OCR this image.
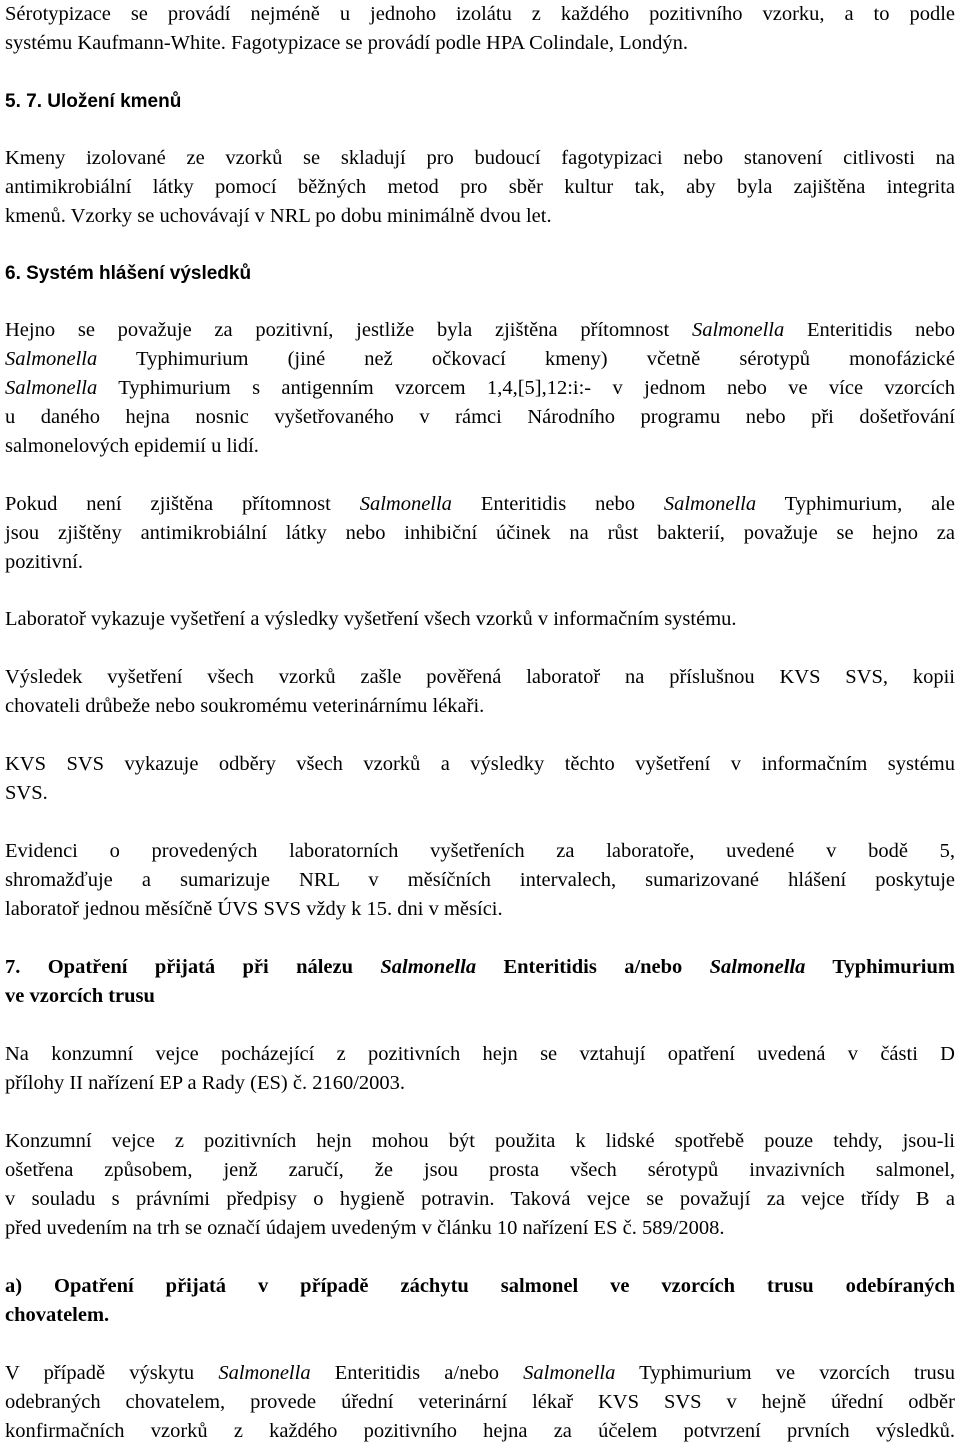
Sérotypizace se provádí nejméně u jednoho izolátu z každého pozitivního vzorku, a to podle
systému Kaufmann-White. Fagotypizace se provádí podle HPA Colindale, Londýn.
5. 7. Uložení kmenů
Kmeny izolované ze vzorků se skladují pro budoucí fagotypizaci nebo stanovení citlivosti na
antimikrobiální látky pomocí běžných metod pro sběr kultur tak, aby byla zajištěna integrita
kmenů. Vzorky se uchovávají v NRL po dobu minimálně dvou let.
6. Systém hlášení výsledků
Hejno se považuje za pozitivní, jestliže byla zjištěna přítomnost Salmonella Enteritidis nebo
Salmonella Typhimurium (jiné než očkovací kmeny) včetně sérotypů monofázické
Salmonella Typhimurium s antigenním vzorcem 1,4,[5],12:i:- v jednom nebo ve více vzorcích
u daného hejna nosnic vyšetřovaného v rámci Národního programu nebo při došetřování
salmonelových epidemií u lidí.
Pokud není zjištěna přítomnost Salmonella Enteritidis nebo Salmonella Typhimurium, ale
jsou zjištěny antimikrobiální látky nebo inhibiční účinek na růst bakterií, považuje se hejno za
pozitivní.
Laboratoř vykazuje vyšetření a výsledky vyšetření všech vzorků v informačním systému.
Výsledek vyšetření všech vzorků zašle pověřená laboratoř na příslušnou KVS SVS, kopii
chovateli drůbeže nebo soukromému veterinárnímu lékaři.
KVS SVS vykazuje odběry všech vzorků a výsledky těchto vyšetření v informačním systému
SVS.
Evidenci o provedených laboratorních vyšetřeních za laboratoře, uvedené v bodě 5,
shromažďuje a sumarizuje NRL v měsíčních intervalech, sumarizované hlášení poskytuje
laboratoř jednou měsíčně ÚVS SVS vždy k 15. dni v měsíci.
7. Opatření přijatá při nálezu Salmonella Enteritidis a/nebo Salmonella Typhimurium
ve vzorcích trusu
Na konzumní vejce pocházející z pozitivních hejn se vztahují opatření uvedená v části D
přílohy II nařízení EP a Rady (ES) č. 2160/2003.
Konzumní vejce z pozitivních hejn mohou být použita k lidské spotřebě pouze tehdy, jsou-li
ošetřena způsobem, jenž zaručí, že jsou prosta všech sérotypů invazivních salmonel,
v souladu s právními předpisy o hygieně potravin. Taková vejce se považují za vejce třídy B a
před uvedením na trh se označí údajem uvedeným v článku 10 nařízení ES č. 589/2008.
a) Opatření přijatá v případě záchytu salmonel ve vzorcích trusu odebíraných
chovatelem.
V případě výskytu Salmonella Enteritidis a/nebo Salmonella Typhimurium ve vzorcích trusu
odebraných chovatelem, provede úřední veterinární lékař KVS SVS v hejně úřední odběr
konfirmačních vzorků z každého pozitivního hejna za účelem potvrzení prvních výsledků.
